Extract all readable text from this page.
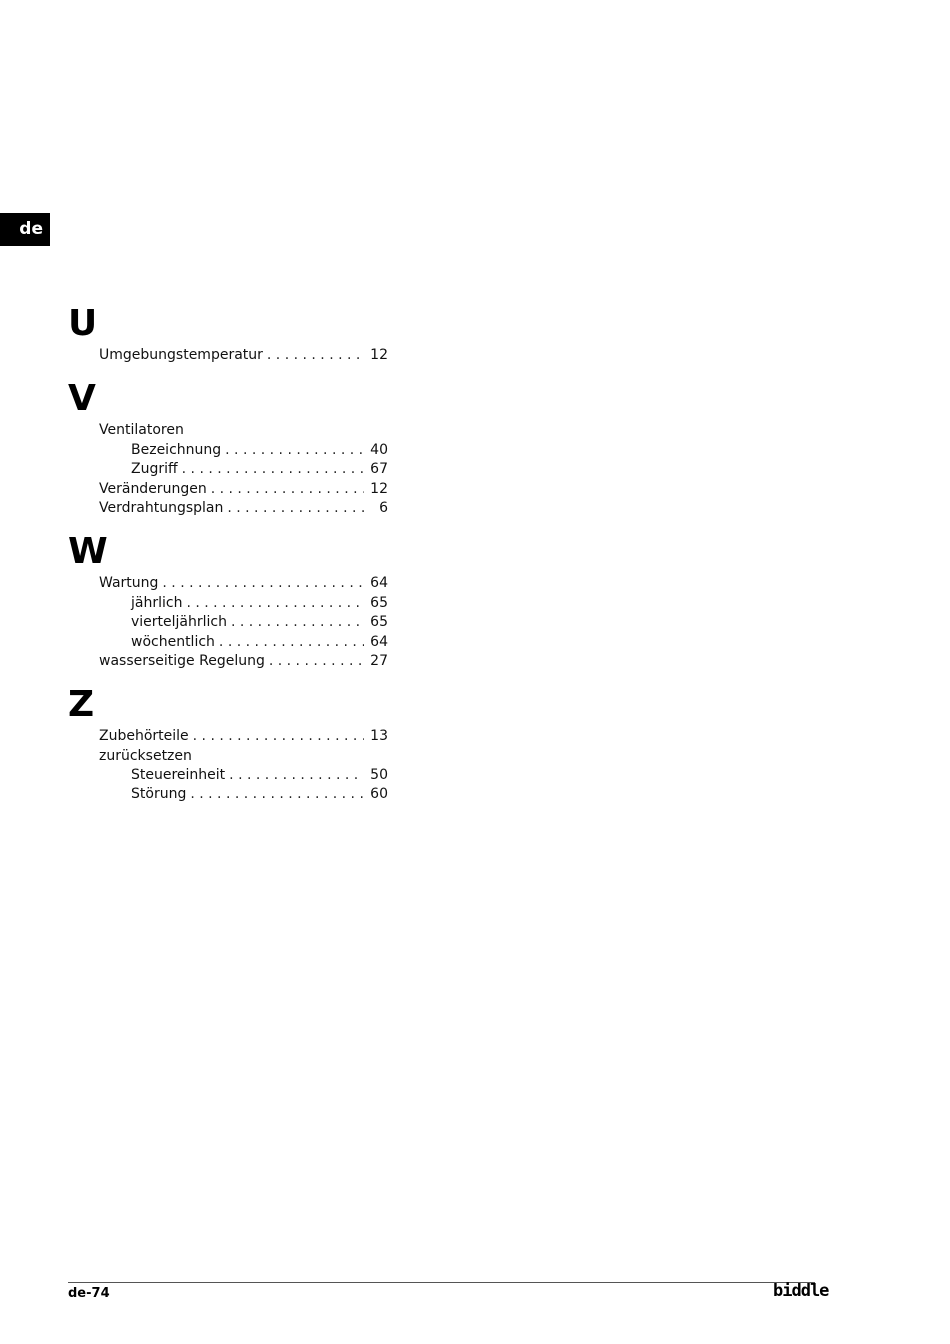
de
U
Umgebungstemperatur . . .	12
V
Ventilatoren
Bezeichnung . . .	40
Zugriff . . .	67
Veränderungen . . .	12
Verdrahtungsplan . . .	6
W
Wartung . . .	64
jährlich . . .	65
vierteljährlich . . .	65
wöchentlich . . .	64
wasserseitige Regelung . . .	27
Z
Zubehörteile . . .	13
zurücksetzen
Steuereinheit . . .	50
Störung . . .	60
de-74	biddle
